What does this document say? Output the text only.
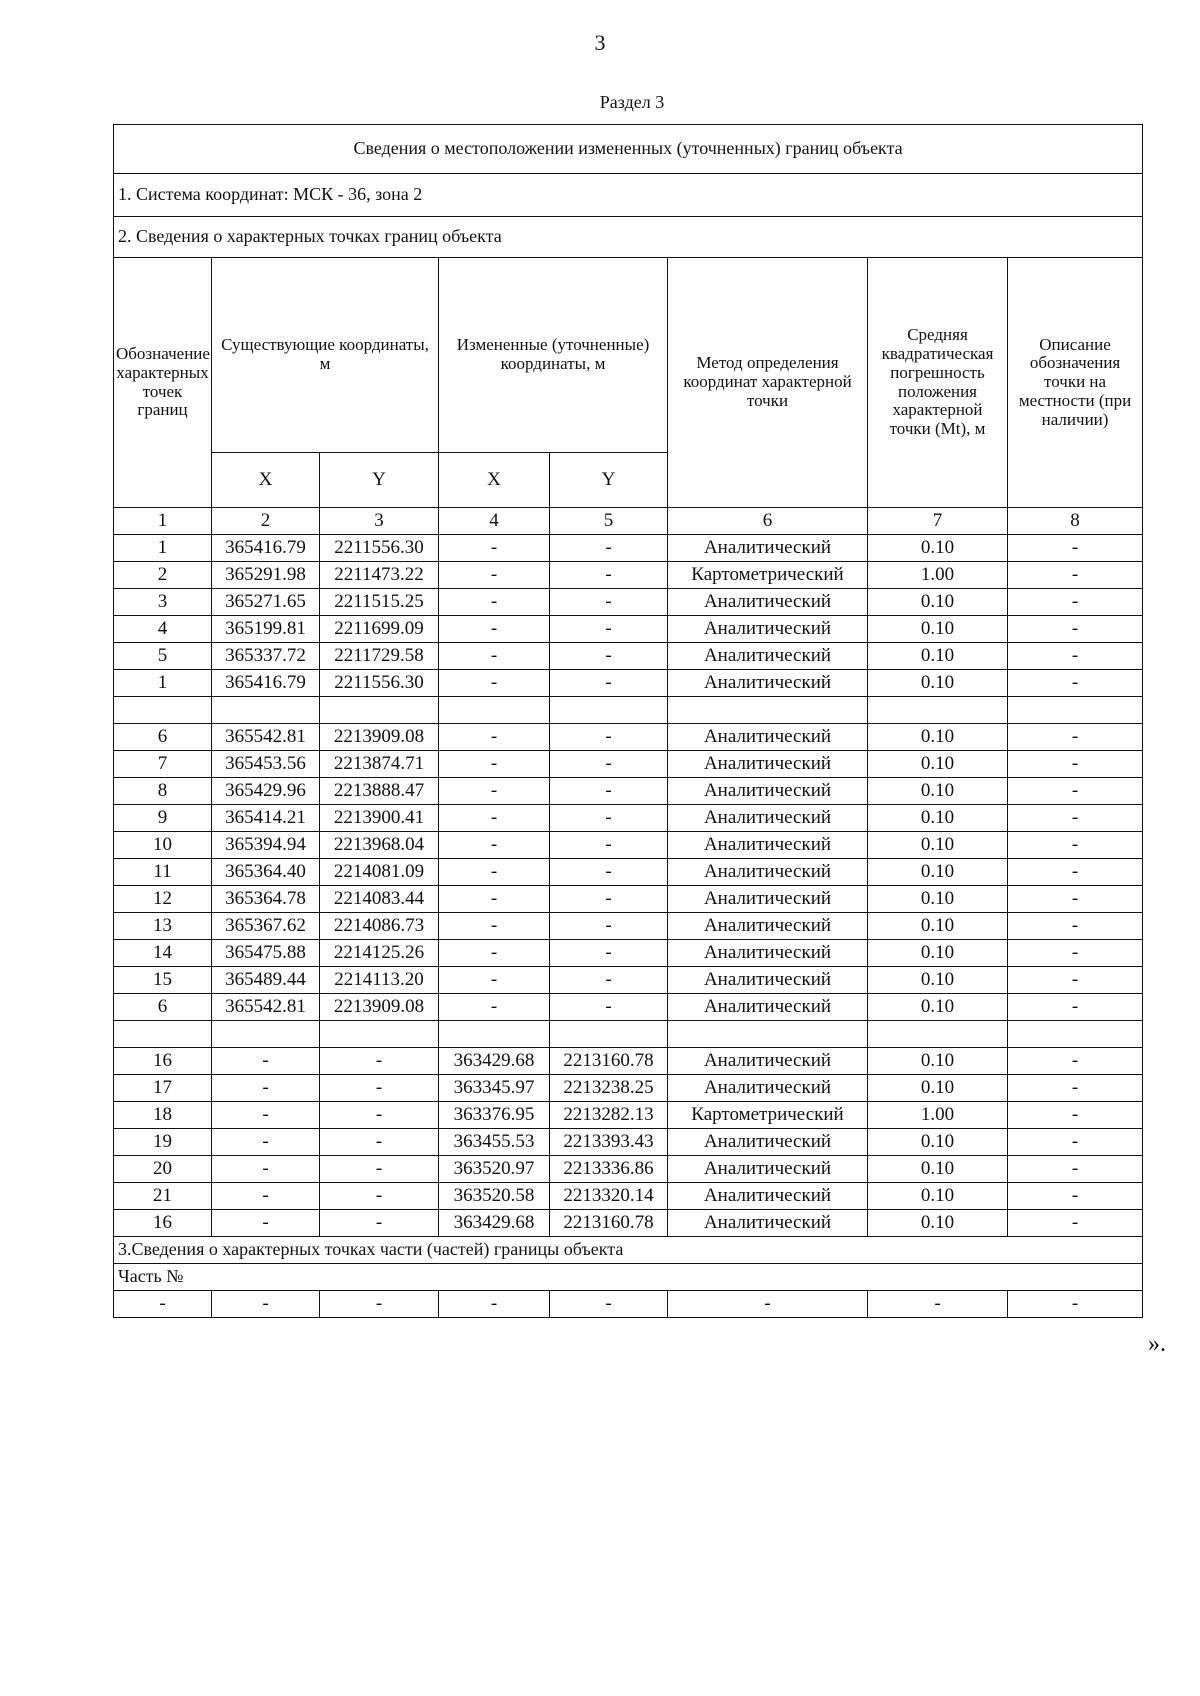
3
Раздел 3
Сведения о местоположении измененных (уточненных) границ объекта							
1. Система координат: МСК - 36, зона 2							
2. Сведения о характерных точках границ объекта							
Обозначение характерных точек границ	Существующие координаты, м		Измененные (уточненные) координаты, м		Метод определения координат характерной точки	Средняя квадратическая погрешность положения характерной точки (Mt), м	Описание обозначения точки на местности (при наличии)
	X	Y	X	Y			
1	2	3	4	5	6	7	8
1	365416.79	2211556.30	-	-	Аналитический	0.10	-
2	365291.98	2211473.22	-	-	Картометрический	1.00	-
3	365271.65	2211515.25	-	-	Аналитический	0.10	-
4	365199.81	2211699.09	-	-	Аналитический	0.10	-
5	365337.72	2211729.58	-	-	Аналитический	0.10	-
1	365416.79	2211556.30	-	-	Аналитический	0.10	-

6	365542.81	2213909.08	-	-	Аналитический	0.10	-
7	365453.56	2213874.71	-	-	Аналитический	0.10	-
8	365429.96	2213888.47	-	-	Аналитический	0.10	-
9	365414.21	2213900.41	-	-	Аналитический	0.10	-
10	365394.94	2213968.04	-	-	Аналитический	0.10	-
11	365364.40	2214081.09	-	-	Аналитический	0.10	-
12	365364.78	2214083.44	-	-	Аналитический	0.10	-
13	365367.62	2214086.73	-	-	Аналитический	0.10	-
14	365475.88	2214125.26	-	-	Аналитический	0.10	-
15	365489.44	2214113.20	-	-	Аналитический	0.10	-
6	365542.81	2213909.08	-	-	Аналитический	0.10	-

16	-	-	363429.68	2213160.78	Аналитический	0.10	-
17	-	-	363345.97	2213238.25	Аналитический	0.10	-
18	-	-	363376.95	2213282.13	Картометрический	1.00	-
19	-	-	363455.53	2213393.43	Аналитический	0.10	-
20	-	-	363520.97	2213336.86	Аналитический	0.10	-
21	-	-	363520.58	2213320.14	Аналитический	0.10	-
16	-	-	363429.68	2213160.78	Аналитический	0.10	-
3.Сведения о характерных точках части (частей) границы объекта							
Часть №							
-	-	-	-	-	-	-	-
».
